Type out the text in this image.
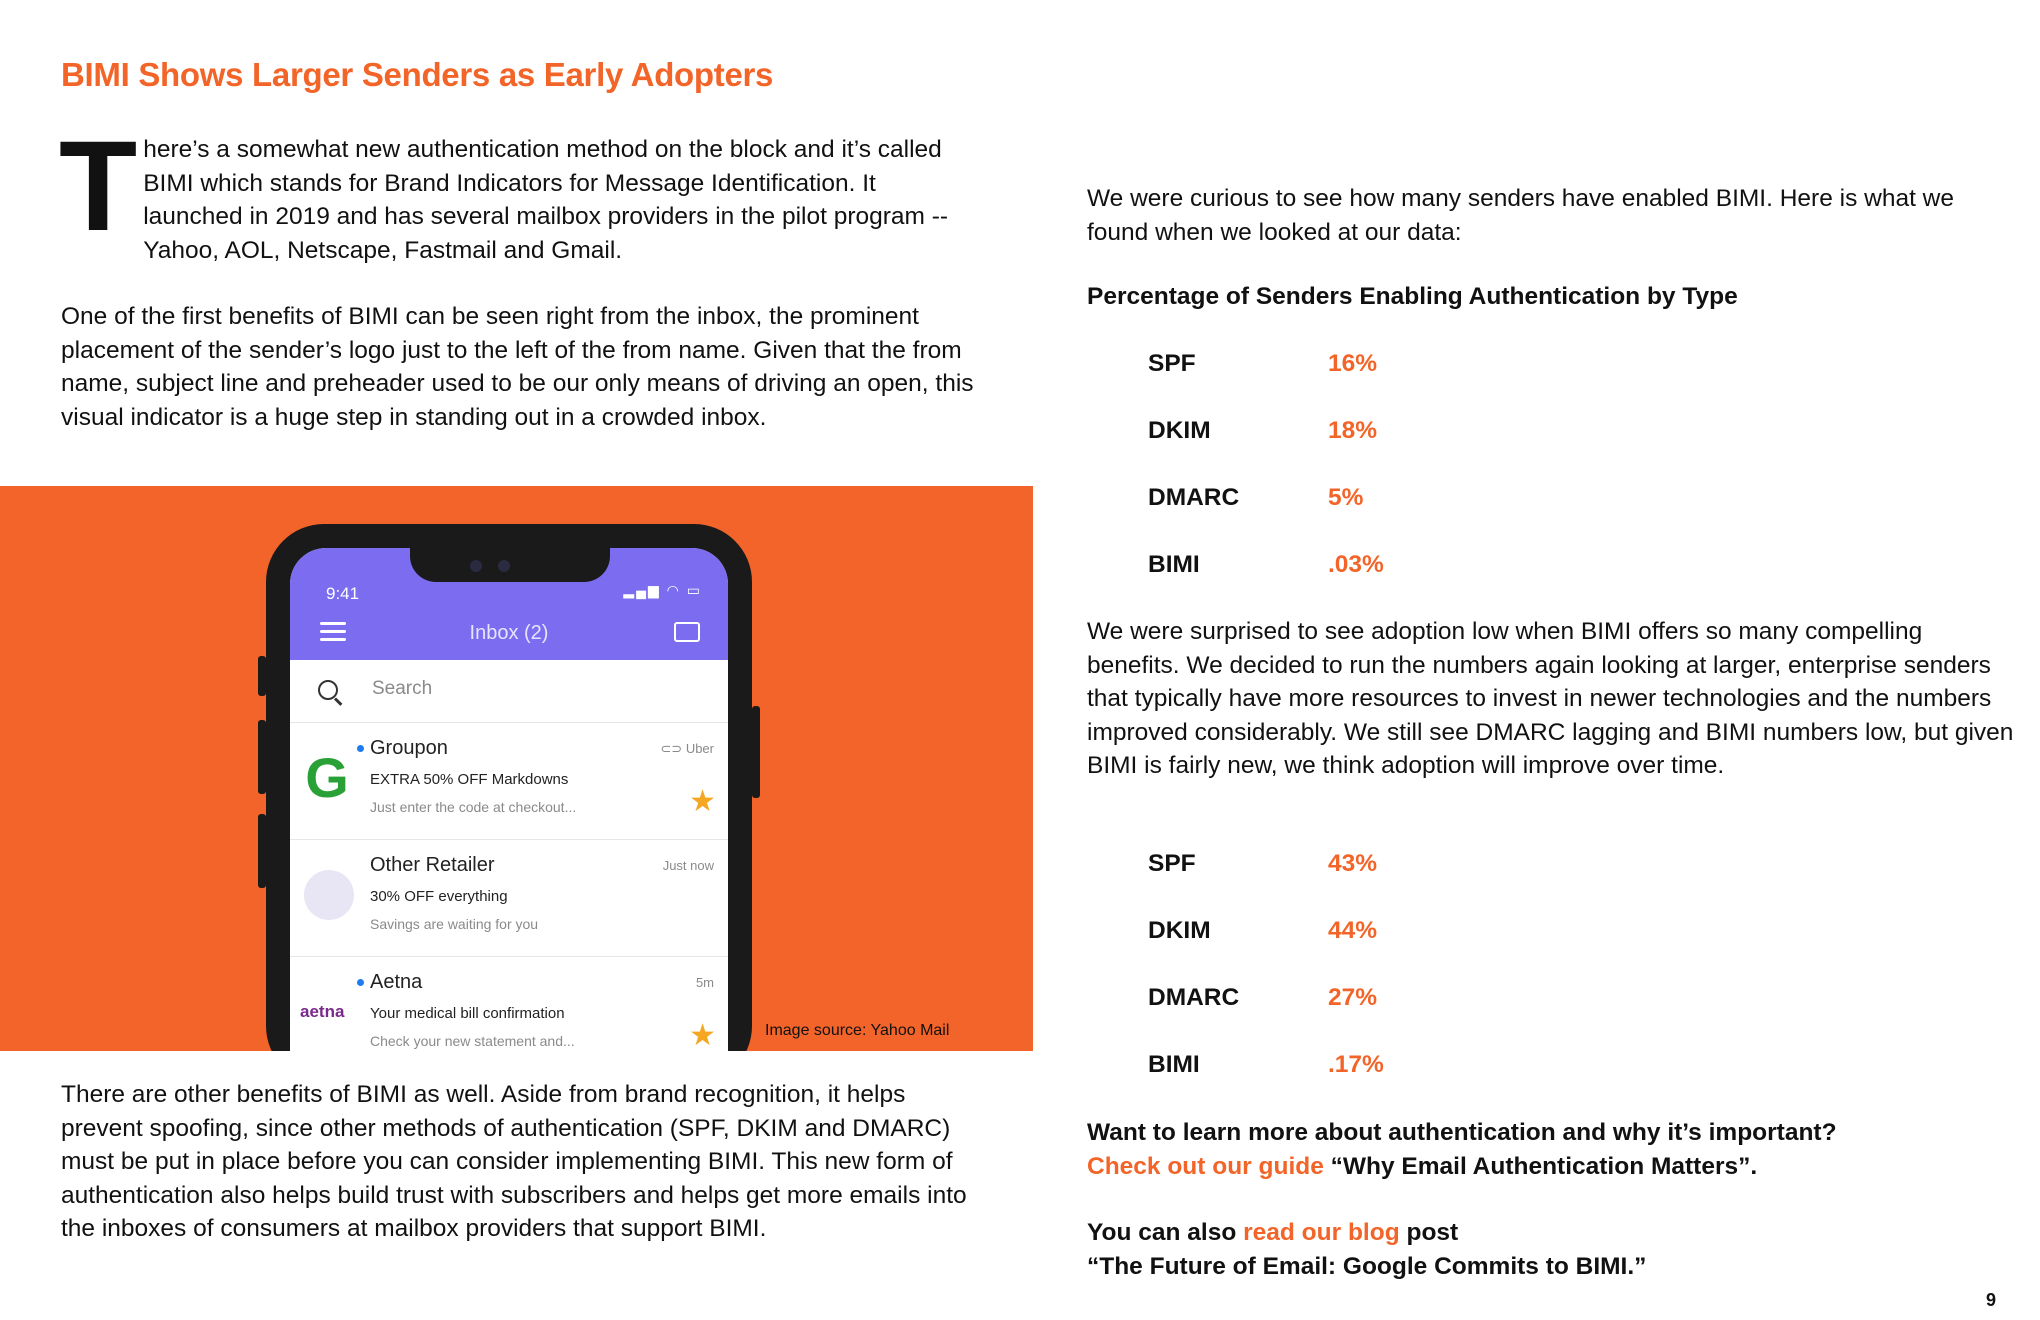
BIMI Shows Larger Senders as Early Adopters

There’s a somewhat new authentication method on the block and it’s called BIMI which stands for Brand Indicators for Message Identification. It launched in 2019 and has several mailbox providers in the pilot program -- Yahoo, AOL, Netscape, Fastmail and Gmail.

One of the first benefits of BIMI can be seen right from the inbox, the prominent placement of the sender’s logo just to the left of the from name. Given that the from name, subject line and preheader used to be our only means of driving an open, this visual indicator is a huge step in standing out in a crowded inbox.

9:41	▂▄▆ ◠ ▭
Inbox (2)
Search
G Groupon
EXTRA 50% OFF Markdowns
Just enter the code at checkout...
⊂⊃ Uber
★
Other Retailer
30% OFF everything
Savings are waiting for you
Just now
aetna
Aetna
Your medical bill confirmation
Check your new statement and...
5m
★	Image source: Yahoo Mail

There are other benefits of BIMI as well. Aside from brand recognition, it helps prevent spoofing, since other methods of authentication (SPF, DKIM and DMARC) must be put in place before you can consider implementing BIMI. This new form of authentication also helps build trust with subscribers and helps get more emails into the inboxes of consumers at mailbox providers that support BIMI.

We were curious to see how many senders have enabled BIMI. Here is what we found when we looked at our data:

Percentage of Senders Enabling Authentication by Type

SPF	16%
DKIM	18%
DMARC	5%
BIMI	.03%

We were surprised to see adoption low when BIMI offers so many compelling benefits. We decided to run the numbers again looking at larger, enterprise senders that typically have more resources to invest in newer technologies and the numbers improved considerably. We still see DMARC lagging and BIMI numbers low, but given BIMI is fairly new, we think adoption will improve over time.

SPF	43%
DKIM	44%
DMARC	27%
BIMI	.17%

Want to learn more about authentication and why it’s important?

Check out our guide “Why Email Authentication Matters”.

You can also read our blog post

“The Future of Email: Google Commits to BIMI.”

9
